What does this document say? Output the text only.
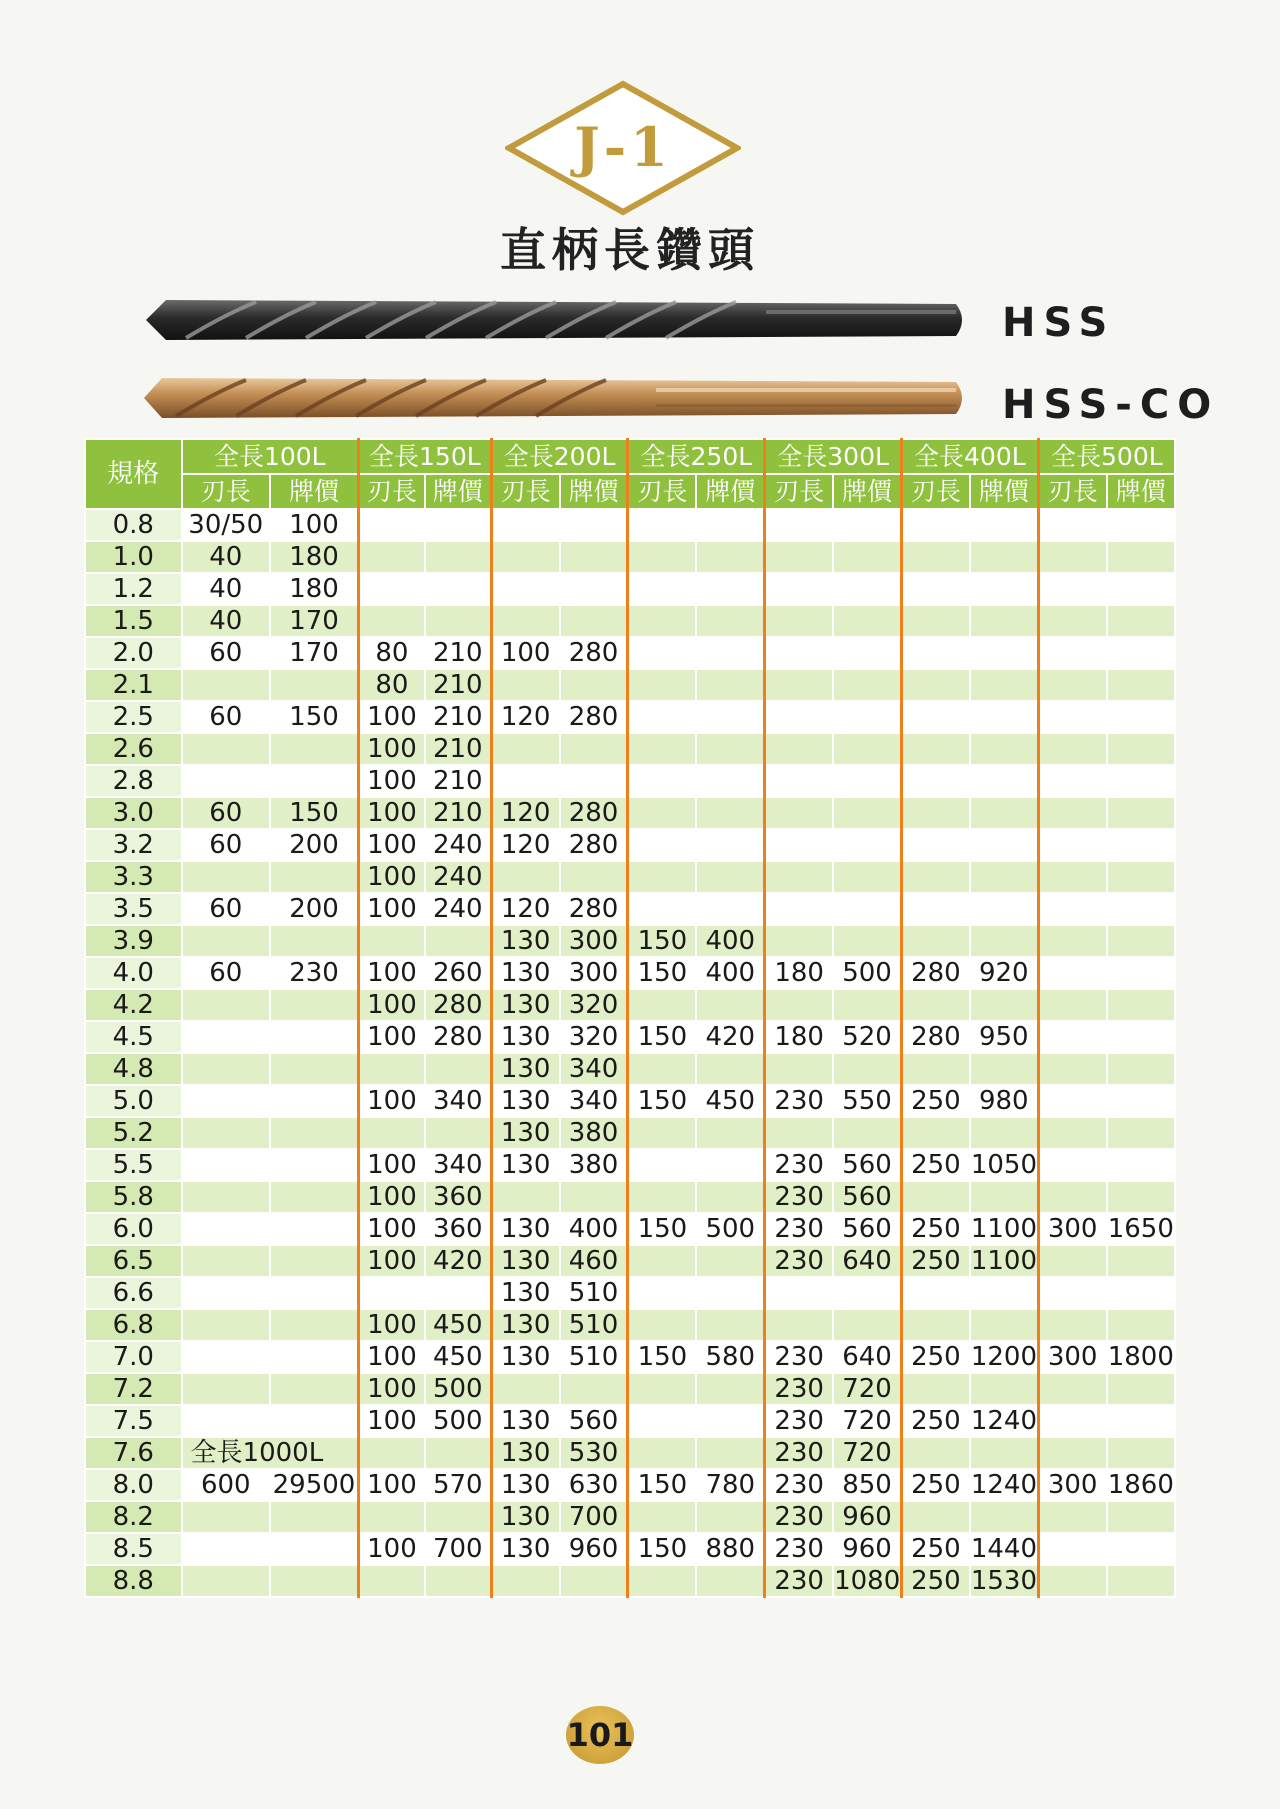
J-1
直柄長鑽頭
HSS
HSS-CO
規格	全長100L		全長150L		全長200L		全長250L		全長300L		全長400L		全長500L	
	刃長	牌價	刃長	牌價	刃長	牌價	刃長	牌價	刃長	牌價	刃長	牌價	刃長	牌價
0.8	30/50	100												
1.0	40	180												
1.2	40	180												
1.5	40	170												
2.0	60	170	80	210	100	280								
2.1			80	210										
2.5	60	150	100	210	120	280								
2.6			100	210										
2.8			100	210										
3.0	60	150	100	210	120	280								
3.2	60	200	100	240	120	280								
3.3			100	240										
3.5	60	200	100	240	120	280								
3.9					130	300	150	400						
4.0	60	230	100	260	130	300	150	400	180	500	280	920		
4.2			100	280	130	320								
4.5			100	280	130	320	150	420	180	520	280	950		
4.8					130	340								
5.0			100	340	130	340	150	450	230	550	250	980		
5.2					130	380								
5.5			100	340	130	380			230	560	250	1050		
5.8			100	360					230	560				
6.0			100	360	130	400	150	500	230	560	250	1100	300	1650
6.5			100	420	130	460			230	640	250	1100		
6.6					130	510								
6.8			100	450	130	510								
7.0			100	450	130	510	150	580	230	640	250	1200	300	1800
7.2			100	500					230	720				
7.5			100	500	130	560			230	720	250	1240		
7.6	全長1000L				130	530			230	720				
8.0	600	29500	100	570	130	630	150	780	230	850	250	1240	300	1860
8.2					130	700			230	960				
8.5			100	700	130	960	150	880	230	960	250	1440		
8.8									230	1080	250	1530		
101
